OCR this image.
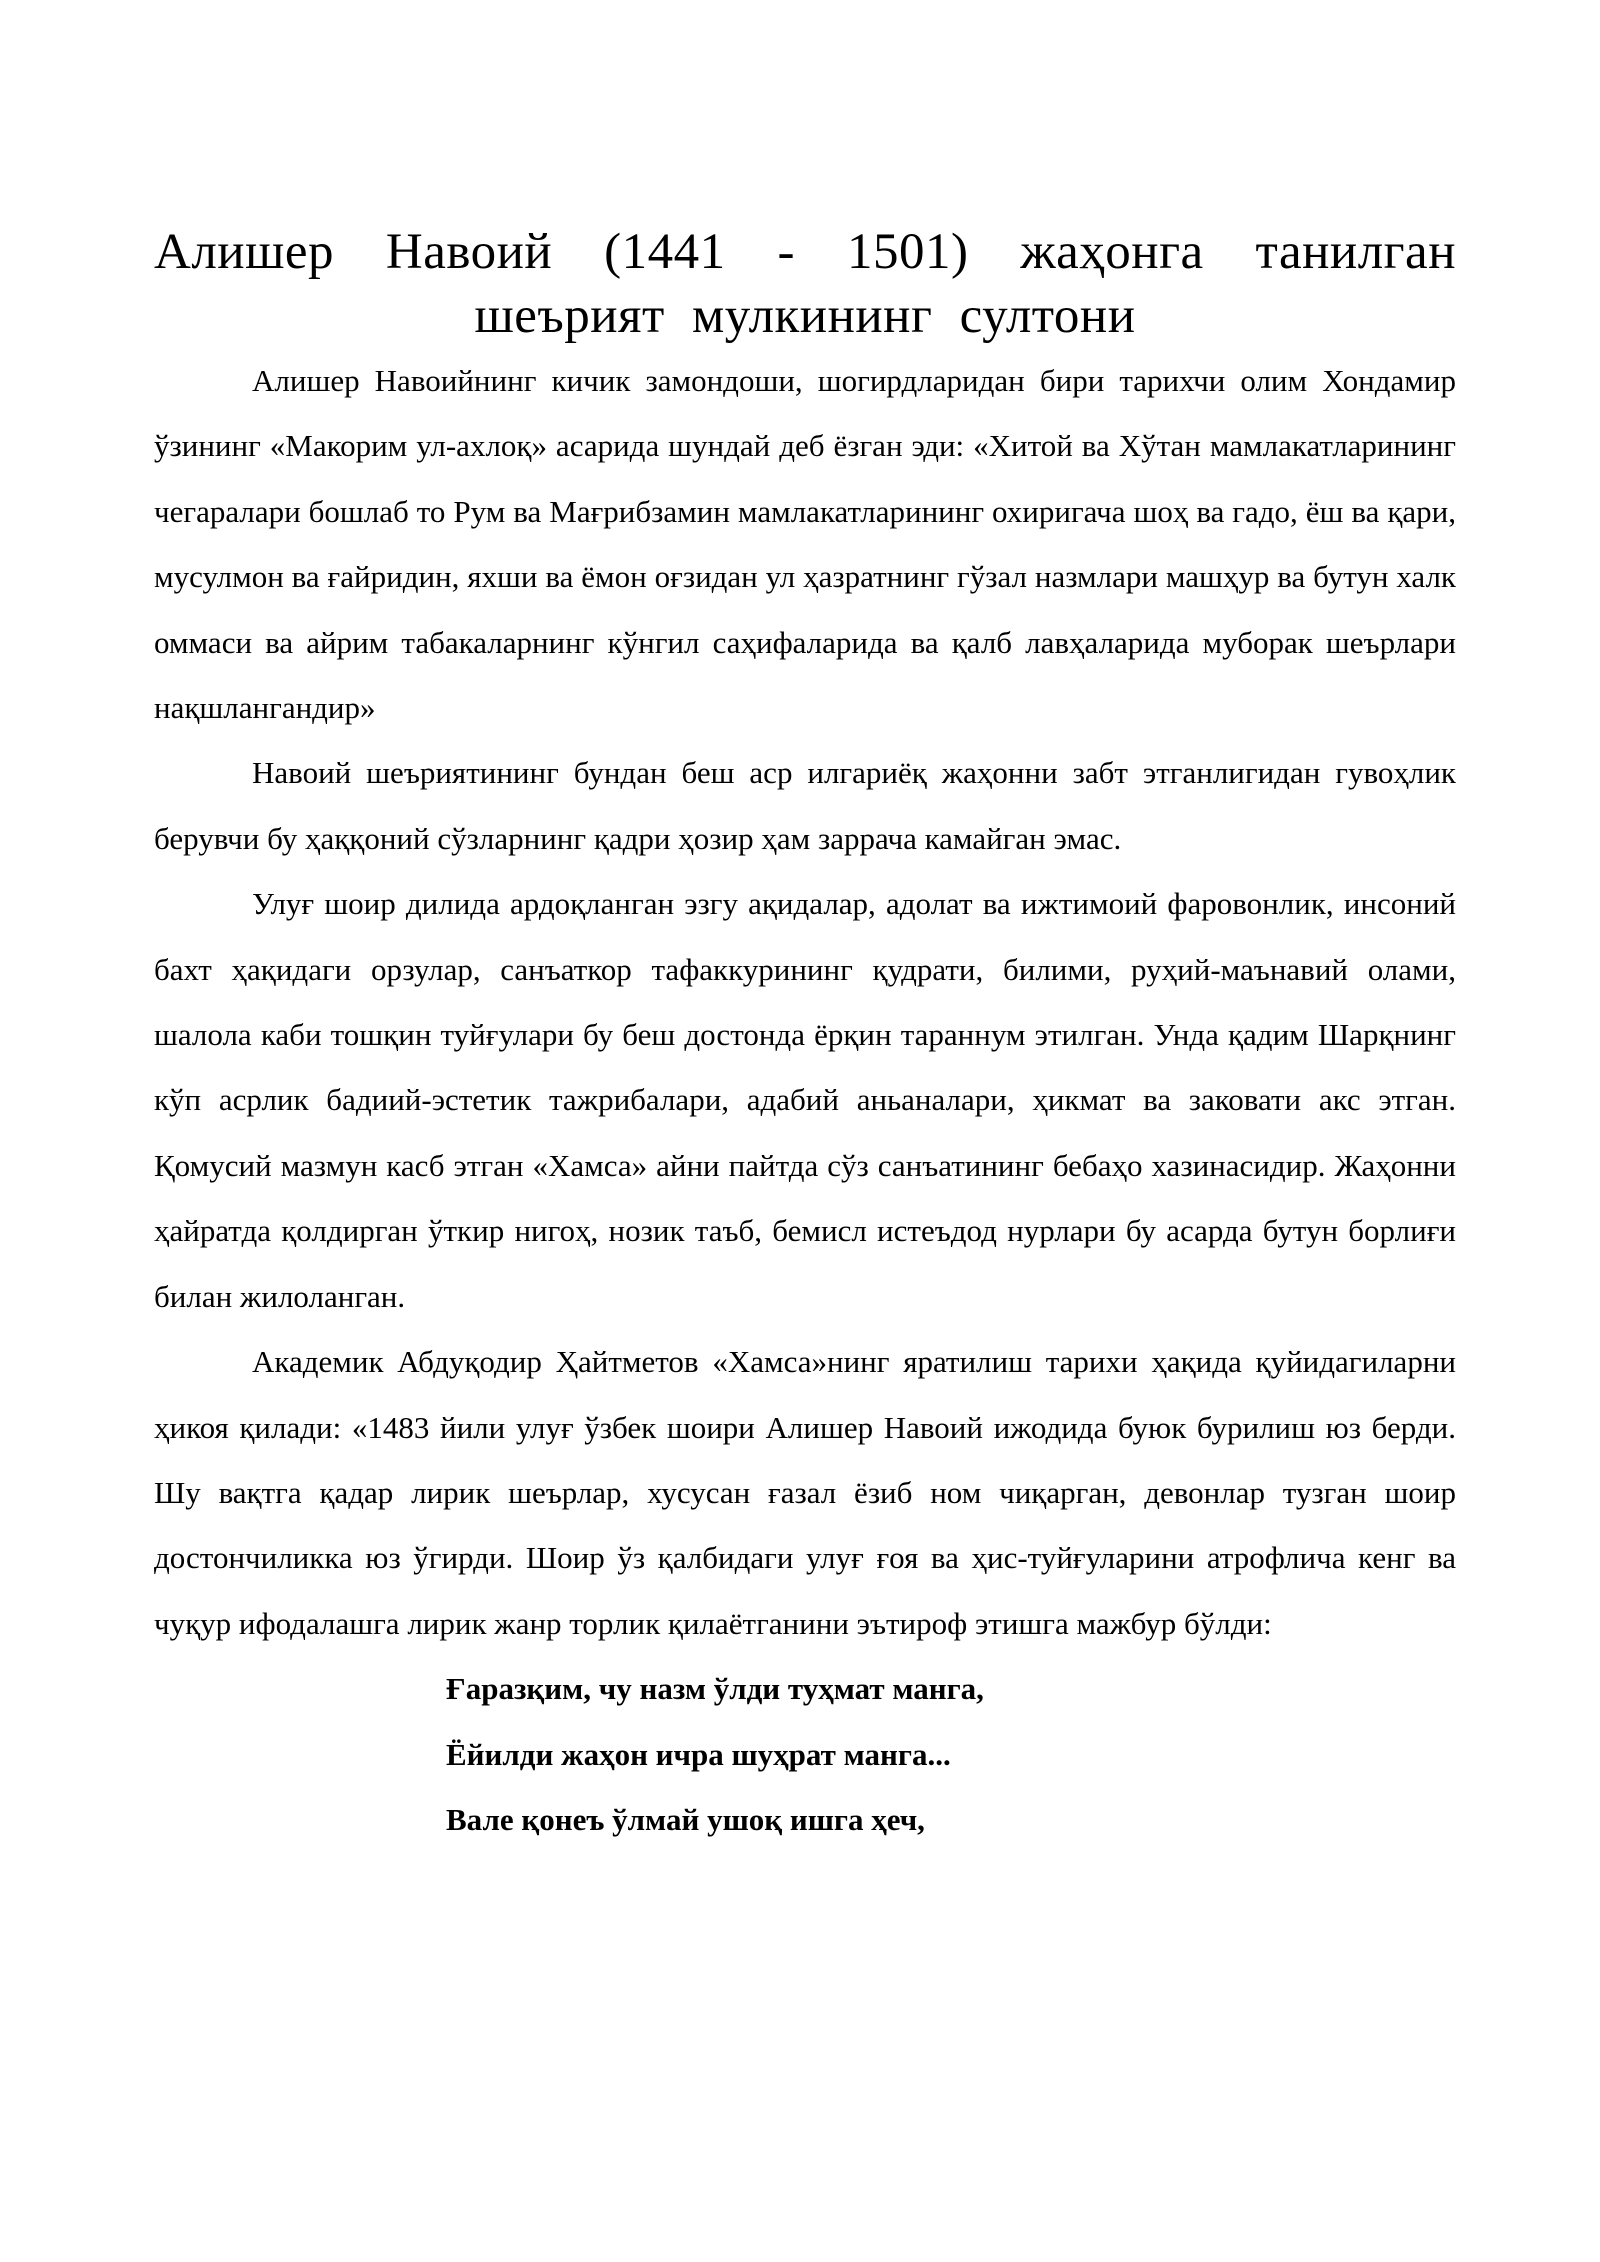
Алишер Навоий (1441 - 1501) жаҳонга танилган шеърият мулкининг султони

Алишер Навоийнинг кичик замондоши, шогирдларидан бири тарихчи олим Хондамир ўзининг «Макорим ул-ахлоқ» асарида шундай деб ёзган эди: «Хитой ва Хўтан мамлакатларининг чегаралари бошлаб то Рум ва Мағрибзамин мамлакатларининг охиригача шоҳ ва гадо, ёш ва қари, мусулмон ва ғайридин, яхши ва ёмон оғзидан ул ҳазратнинг гўзал назмлари машҳур ва бутун халк оммаси ва айрим табакаларнинг кўнгил саҳифаларида ва қалб лавҳаларида муборак шеърлари нақшлангандир»

Навоий шеъриятининг бундан беш аср илгариёқ жаҳонни забт этганлигидан гувоҳлик берувчи бу ҳаққоний сўзларнинг қадри ҳозир ҳам заррача камайган эмас.

Улуғ шоир дилида ардоқланган эзгу ақидалар, адолат ва ижтимоий фаровонлик, инсоний бахт ҳақидаги орзулар, санъаткор тафаккурининг қудрати, билими, руҳий-маънавий олами, шалола каби тошқин туйғулари бу беш достонда ёрқин тараннум этилган. Унда қадим Шарқнинг кўп асрлик бадиий-эстетик тажрибалари, адабий аньаналари, ҳикмат ва заковати акс этган. Қомусий мазмун касб этган «Хамса» айни пайтда сўз санъатининг бебаҳо хазинасидир. Жаҳонни ҳайратда қолдирган ўткир нигоҳ, нозик таъб, бемисл истеъдод нурлари бу асарда бутун борлиғи билан жилоланган.

Академик Абдуқодир Ҳайтметов «Хамса»нинг яратилиш тарихи ҳақида қуйидагиларни ҳикоя қилади: «1483 йили улуғ ўзбек шоири Алишер Навоий ижодида буюк бурилиш юз берди. Шу вақтга қадар лирик шеърлар, хусусан ғазал ёзиб ном чиқарган, девонлар тузган шоир достончиликка юз ўгирди. Шоир ўз қалбидаги улуғ ғоя ва ҳис-туйғуларини атрофлича кенг ва чуқур ифодалашга лирик жанр торлик қилаётганини эътироф этишга мажбур бўлди:

Ғаразқим, чу назм ўлди туҳмат манга,
Ёйилди жаҳон ичра шуҳрат манга...
Вале қонеъ ўлмай ушоқ ишга ҳеч,
